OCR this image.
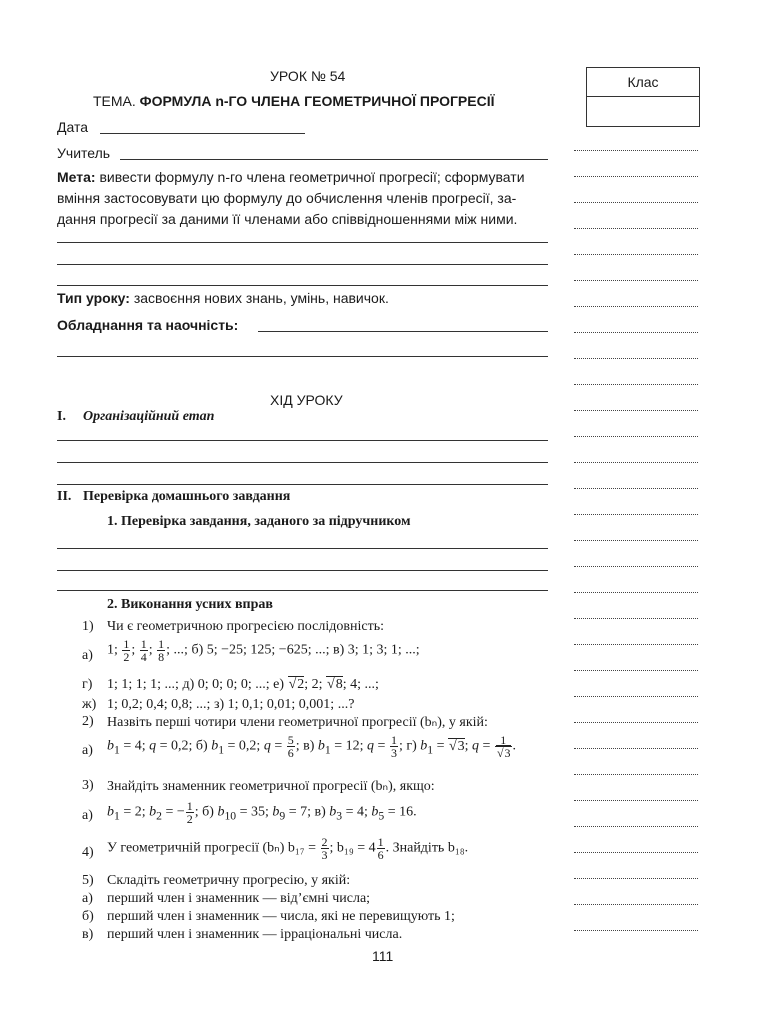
УРОК № 54
ТЕМА. ФОРМУЛА n-ГО ЧЛЕНА ГЕОМЕТРИЧНОЇ ПРОГРЕСІЇ
Клас
Дата
Учитель
Мета: вивести формулу n-го члена геометричної прогресії; сформувати
вміння застосовувати цю формулу до обчислення членів прогресії, за-
дання прогресії за даними її членами або співвідношеннями між ними.
Тип уроку: засвоєння нових знань, умінь, навичок.
Обладнання та наочність:
ХІД УРОКУ
I. Організаційний етап
II. Перевірка домашнього завдання
1. Перевірка завдання, заданого за підручником
2. Виконання усних вправ
1) Чи є геометричною прогресією послідовність:
а) 1; $\frac{1}{2}$ ; $\frac{1}{4}$ ; $\frac{1}{8}$ ; ...; б) 5; −25; 125; −625; ...; в) 3; 1; 3; 1; ...;
г) 1; 1; 1; 1; ...; д) 0; 0; 0; 0; ...; е) √ 2; 2; √ 8; 4; ...;
ж) 1; 0,2; 0,4; 0,8; ...; з) 1; 0,1; 0,01; 0,001; ...?
2) Назвіть перші чотири члени геометричної прогресії (bₙ), у якій:
а) $b_1 = 4$; q = 0,2; б) $b_1 = 0,2$; $q = \frac{5}{6}$ ; в) $b_1 = 12$; $q = \frac{1}{3}$ ; г) $b_1$ = √ 3; q = 1
√ 3 .
3) Знайдіть знаменник геометричної прогресії (bₙ), якщо:
а) $b_1 = 2$; $b_2$ = − $\frac{1}{2}$ ; б) $b_{10} = 35$; $b_9 = 7$; в) $b_3 = 4$; $b_5 = 16$.
4) У геометричній прогресії (bₙ) $b_{17} = \frac{2}{3}$ ; $b_{19} = 4 \frac{1}{6}$ . Знайдіть b₁₈.
5) Складіть геометричну прогресію, у якій:
а) перший член і знаменник — від’ємні числа;
б) перший член і знаменник — числа, які не перевищують 1;
в) перший член і знаменник — ірраціональні числа.
111
